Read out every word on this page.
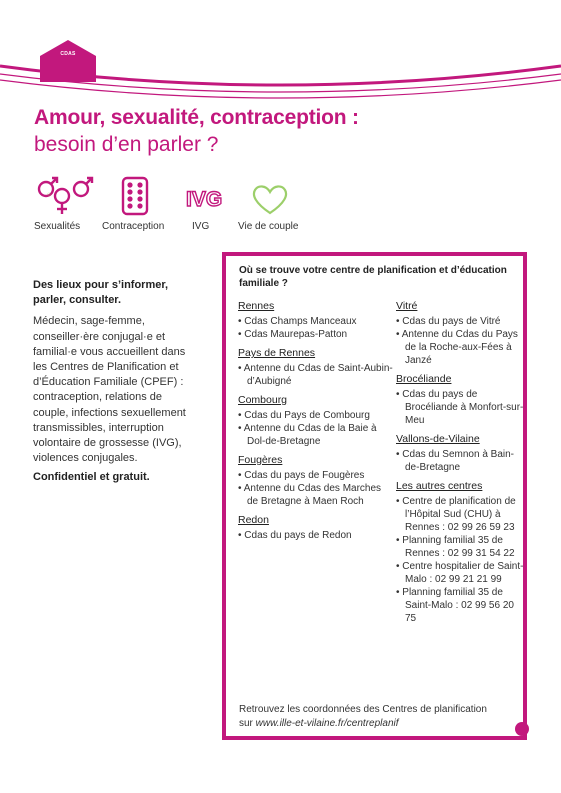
CDAS
Amour, sexualité, contraception :
besoin d’en parler ?
IVG
Sexualités Contraception	IVG	Vie de couple
Des lieux pour s’informer, parler, consulter.
Médecin, sage-femme, conseiller·ère conjugal·e et familial·e vous accueillent dans les Centres de Planification et d’Éducation Familiale (CPEF) : contraception, relations de couple, infections sexuellement transmissibles, interruption volontaire de grossesse (IVG), violences conjugales.
Confidentiel et gratuit.
Où se trouve votre centre de planification et d’éducation familiale ?
Rennes
• Cdas Champs Manceaux
• Cdas Maurepas-Patton
Pays de Rennes
• Antenne du Cdas de Saint-Aubin-d’Aubigné
Combourg
• Cdas du Pays de Combourg
• Antenne du Cdas de la Baie à Dol-de-Bretagne
Fougères
• Cdas du pays de Fougères
• Antenne du Cdas des Marches de Bretagne à Maen Roch
Redon
• Cdas du pays de Redon
Vitré
• Cdas du pays de Vitré
• Antenne du Cdas du Pays de la Roche-aux-Fées à Janzé
Brocéliande
• Cdas du pays de Brocéliande à Monfort-sur-Meu
Vallons-de-Vilaine
• Cdas du Semnon à Bain-de-Bretagne
Les autres centres
• Centre de planification de l’Hôpital Sud (CHU) à Rennes : 02 99 26 59 23
• Planning familial 35 de Rennes : 02 99 31 54 22
• Centre hospitalier de Saint-Malo : 02 99 21 21 99
• Planning familial 35 de Saint-Malo : 02 99 56 20 75
Retrouvez les coordonnées des Centres de planification
sur www.ille-et-vilaine.fr/centreplanif
